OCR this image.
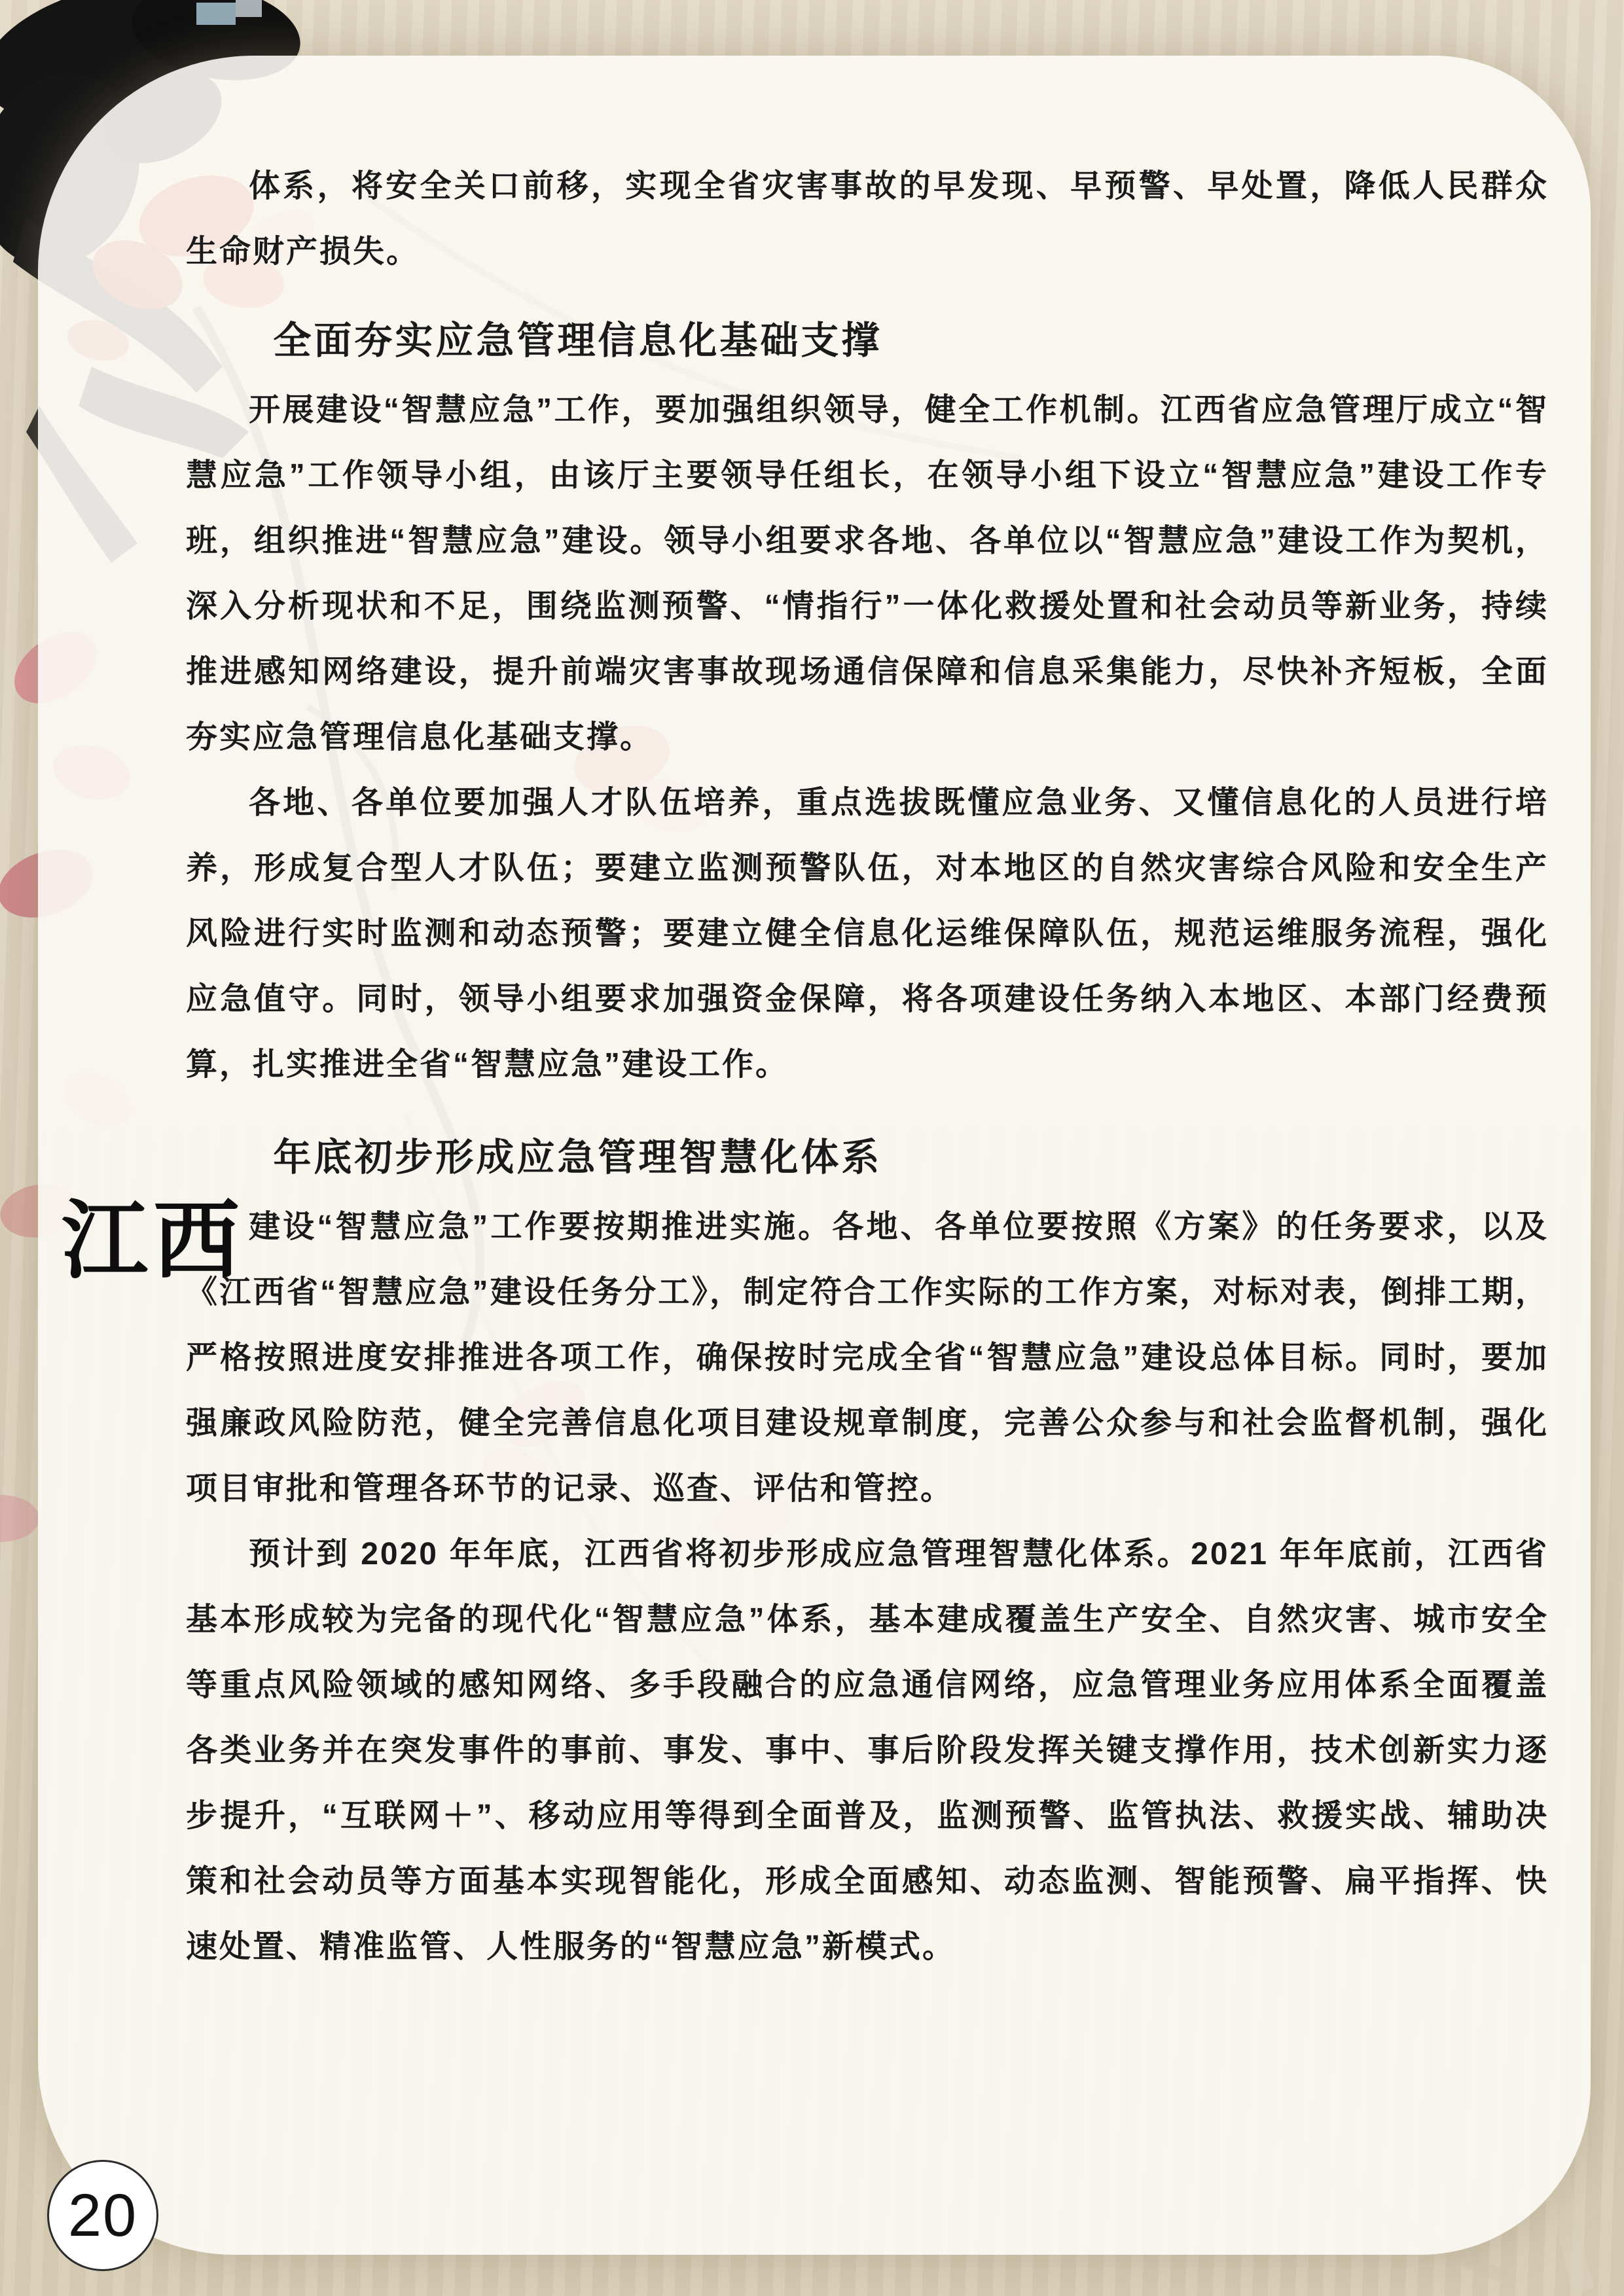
体系，将安全关口前移，实现全省灾害事故的早发现、早预警、早处置，降低人民群众生命财产损失。

全面夯实应急管理信息化基础支撑

开展建设“智慧应急”工作，要加强组织领导，健全工作机制。江西省应急管理厅成立“智慧应急”工作领导小组，由该厅主要领导任组长，在领导小组下设立“智慧应急”建设工作专班，组织推进“智慧应急”建设。领导小组要求各地、各单位以“智慧应急”建设工作为契机，深入分析现状和不足，围绕监测预警、“情指行”一体化救援处置和社会动员等新业务，持续推进感知网络建设，提升前端灾害事故现场通信保障和信息采集能力，尽快补齐短板，全面夯实应急管理信息化基础支撑。

各地、各单位要加强人才队伍培养，重点选拔既懂应急业务、又懂信息化的人员进行培养，形成复合型人才队伍；要建立监测预警队伍，对本地区的自然灾害综合风险和安全生产风险进行实时监测和动态预警；要建立健全信息化运维保障队伍，规范运维服务流程，强化应急值守。同时，领导小组要求加强资金保障，将各项建设任务纳入本地区、本部门经费预算，扎实推进全省“智慧应急”建设工作。

年底初步形成应急管理智慧化体系

建设“智慧应急”工作要按期推进实施。各地、各单位要按照《方案》的任务要求，以及《江西省“智慧应急”建设任务分工》，制定符合工作实际的工作方案，对标对表，倒排工期，严格按照进度安排推进各项工作，确保按时完成全省“智慧应急”建设总体目标。同时，要加强廉政风险防范，健全完善信息化项目建设规章制度，完善公众参与和社会监督机制，强化项目审批和管理各环节的记录、巡查、评估和管控。

预计到 2020 年年底，江西省将初步形成应急管理智慧化体系。2021 年年底前，江西省基本形成较为完备的现代化“智慧应急”体系，基本建成覆盖生产安全、自然灾害、城市安全等重点风险领域的感知网络、多手段融合的应急通信网络，应急管理业务应用体系全面覆盖各类业务并在突发事件的事前、事发、事中、事后阶段发挥关键支撑作用，技术创新实力逐步提升，“互联网＋”、移动应用等得到全面普及，监测预警、监管执法、救援实战、辅助决策和社会动员等方面基本实现智能化，形成全面感知、动态监测、智能预警、扁平指挥、快速处置、精准监管、人性服务的“智慧应急”新模式。

江西
20
